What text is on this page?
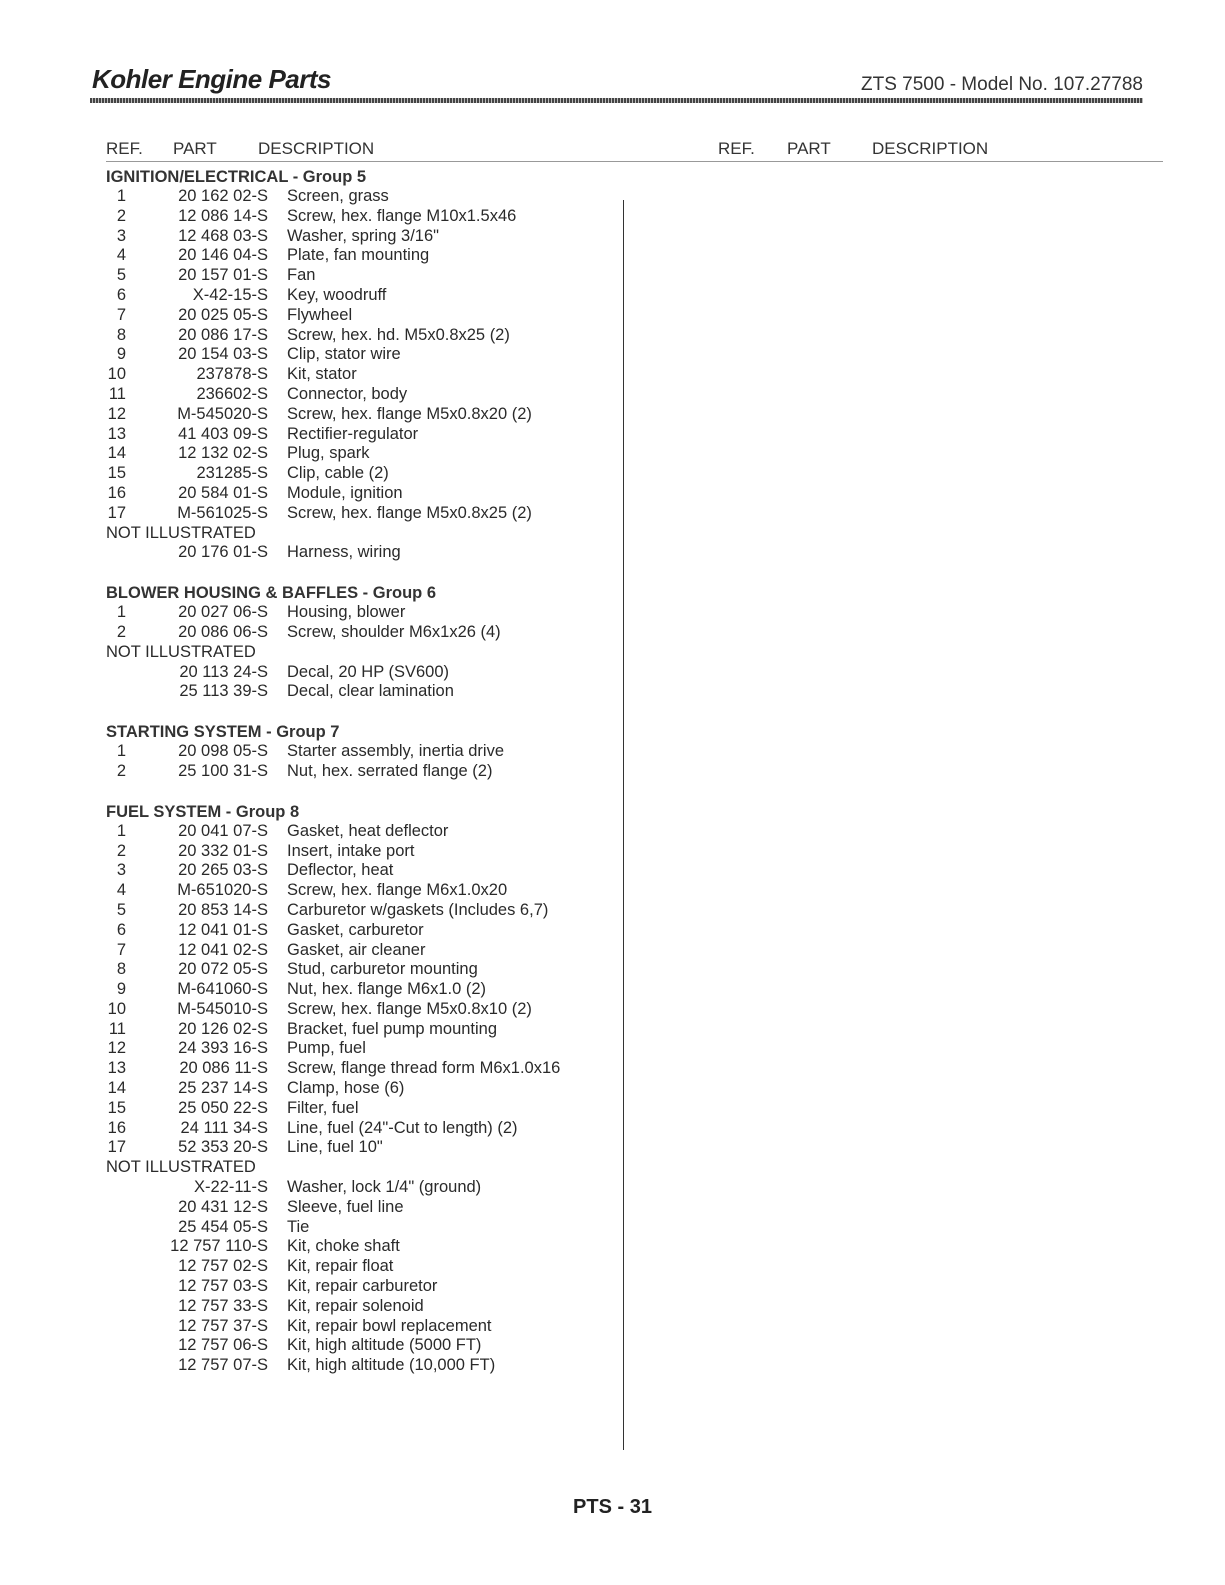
Kohler Engine Parts	ZTS 7500 - Model No. 107.27788
REF. PART DESCRIPTION	REF. PART DESCRIPTION
IGNITION/ELECTRICAL - Group 5
1	20 162 02-S Screen, grass
2	12 086 14-S Screw, hex. flange M10x1.5x46
3	12 468 03-S Washer, spring 3/16"
4	20 146 04-S Plate, fan mounting
5	20 157 01-S Fan
6	X-42-15-S Key, woodruff
7	20 025 05-S Flywheel
8	20 086 17-S Screw, hex. hd. M5x0.8x25 (2)
9	20 154 03-S Clip, stator wire
10	237878-S Kit, stator
11	236602-S Connector, body
12	M-545020-S Screw, hex. flange M5x0.8x20 (2)
13	41 403 09-S Rectifier-regulator
14	12 132 02-S Plug, spark
15	231285-S Clip, cable (2)
16	20 584 01-S Module, ignition
17	M-561025-S Screw, hex. flange M5x0.8x25 (2)
NOT ILLUSTRATED
20 176 01-S Harness, wiring
BLOWER HOUSING & BAFFLES - Group 6
1	20 027 06-S Housing, blower
2	20 086 06-S Screw, shoulder M6x1x26 (4)
NOT ILLUSTRATED
20 113 24-S Decal, 20 HP (SV600)
25 113 39-S Decal, clear lamination
STARTING SYSTEM - Group 7
1	20 098 05-S Starter assembly, inertia drive
2	25 100 31-S Nut, hex. serrated flange (2)
FUEL SYSTEM - Group 8
1	20 041 07-S Gasket, heat deflector
2	20 332 01-S Insert, intake port
3	20 265 03-S Deflector, heat
4	M-651020-S Screw, hex. flange M6x1.0x20
5	20 853 14-S Carburetor w/gaskets (Includes 6,7)
6	12 041 01-S Gasket, carburetor
7	12 041 02-S Gasket, air cleaner
8	20 072 05-S Stud, carburetor mounting
9	M-641060-S Nut, hex. flange M6x1.0 (2)
10	M-545010-S Screw, hex. flange M5x0.8x10 (2)
11	20 126 02-S Bracket, fuel pump mounting
12	24 393 16-S Pump, fuel
13	20 086 11-S Screw, flange thread form M6x1.0x16
14	25 237 14-S Clamp, hose (6)
15	25 050 22-S Filter, fuel
16	24 111 34-S Line, fuel (24"-Cut to length) (2)
17	52 353 20-S Line, fuel 10"
NOT ILLUSTRATED
X-22-11-S Washer, lock 1/4" (ground)
20 431 12-S Sleeve, fuel line
25 454 05-S Tie
12 757 110-S Kit, choke shaft
12 757 02-S Kit, repair float
12 757 03-S Kit, repair carburetor
12 757 33-S Kit, repair solenoid
12 757 37-S Kit, repair bowl replacement
12 757 06-S Kit, high altitude (5000 FT)
12 757 07-S Kit, high altitude (10,000 FT)
PTS - 31
